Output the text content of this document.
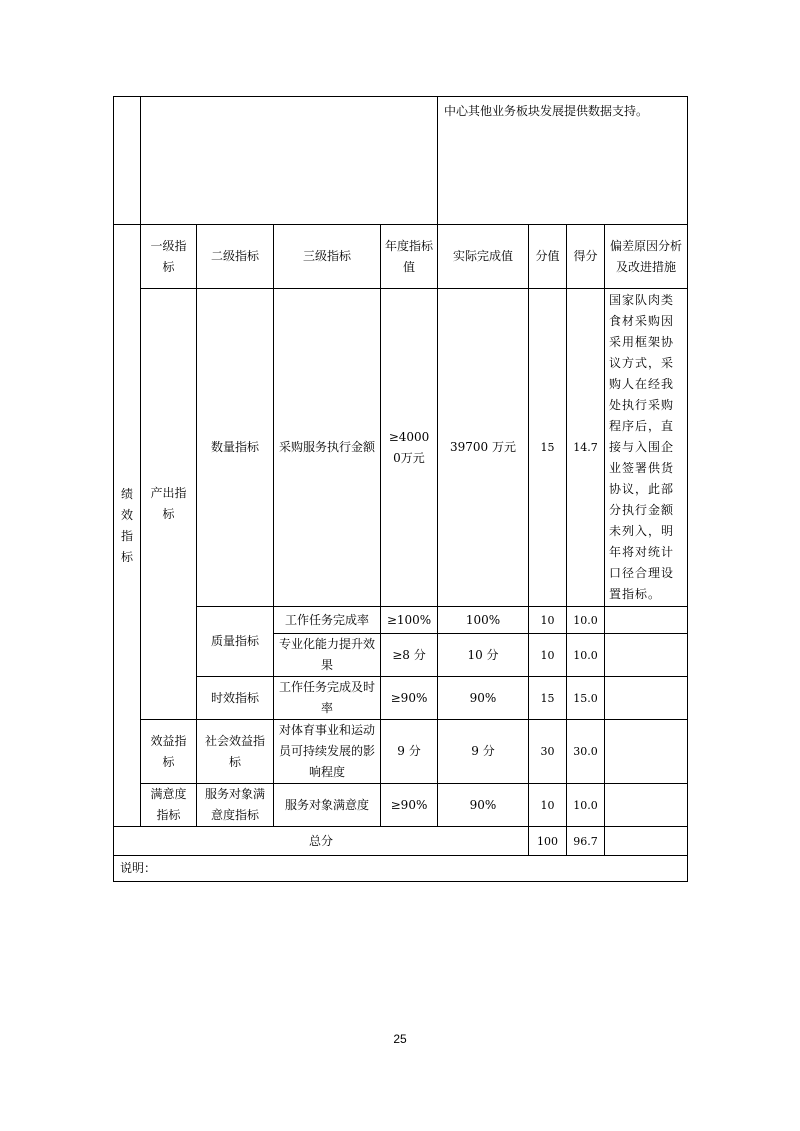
					中心其他业务板块发展提供数据支持。			
绩效指标	一级指标	二级指标	三级指标	年度指标值	实际完成值	分值	得分	偏差原因分析及改进措施
	产出指标	数量指标	采购服务执行金额	≥40000万元	39700 万元	15	14.7	国家队肉类食材采购因采用框架协议方式，采购人在经我处执行采购程序后，直接与入围企业签署供货协议，此部分执行金额未列入，明年将对统计口径合理设置指标。
		质量指标	工作任务完成率	≥100%	100%	10	10.0	
			专业化能力提升效果	≥8 分	10 分	10	10.0	
		时效指标	工作任务完成及时率	≥90%	90%	15	15.0	
	效益指标	社会效益指标	对体育事业和运动员可持续发展的影响程度	9 分	9 分	30	30.0	
	满意度指标	服务对象满意度指标	服务对象满意度	≥90%	90%	10	10.0	
总分						100	96.7	
说明：								
25
